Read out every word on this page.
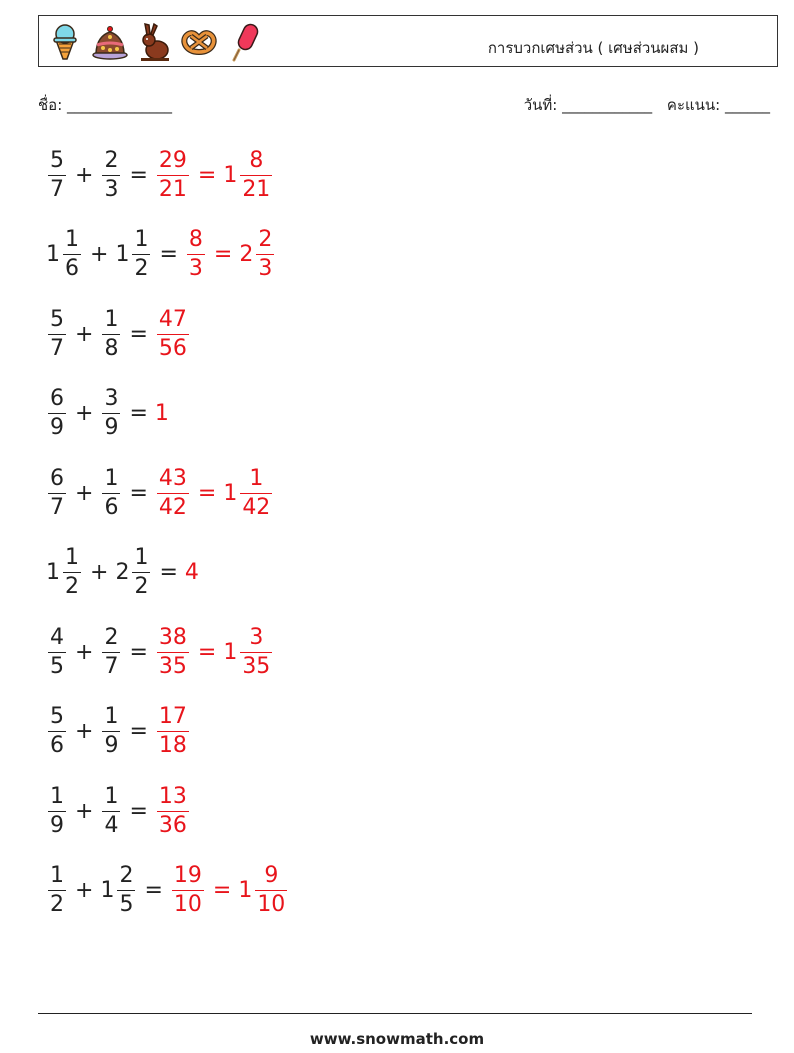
การบวกเศษส่วน ( เศษส่วนผสม )
ชื่อ: ______________	วันที่: ____________ คะแนน: ______
$\frac{5}{7} + \frac{2}{3} = \frac{29}{21} = 1 \frac{8}{21}$
$1 \frac{1}{6} + 1 \frac{1}{2} = \frac{8}{3} = 2 \frac{2}{3}$
$\frac{5}{7} + \frac{1}{8} = \frac{47}{56}$
$\frac{6}{9} + \frac{3}{9} = 1$
$\frac{6}{7} + \frac{1}{6} = \frac{43}{42} = 1 \frac{1}{42}$
$1 \frac{1}{2} + 2 \frac{1}{2} = 4$
$\frac{4}{5} + \frac{2}{7} = \frac{38}{35} = 1 \frac{3}{35}$
$\frac{5}{6} + \frac{1}{9} = \frac{17}{18}$
$\frac{1}{9} + \frac{1}{4} = \frac{13}{36}$
$\frac{1}{2} + 1 \frac{2}{5} = \frac{19}{10} = 1 \frac{9}{10}$
www.snowmath.com
